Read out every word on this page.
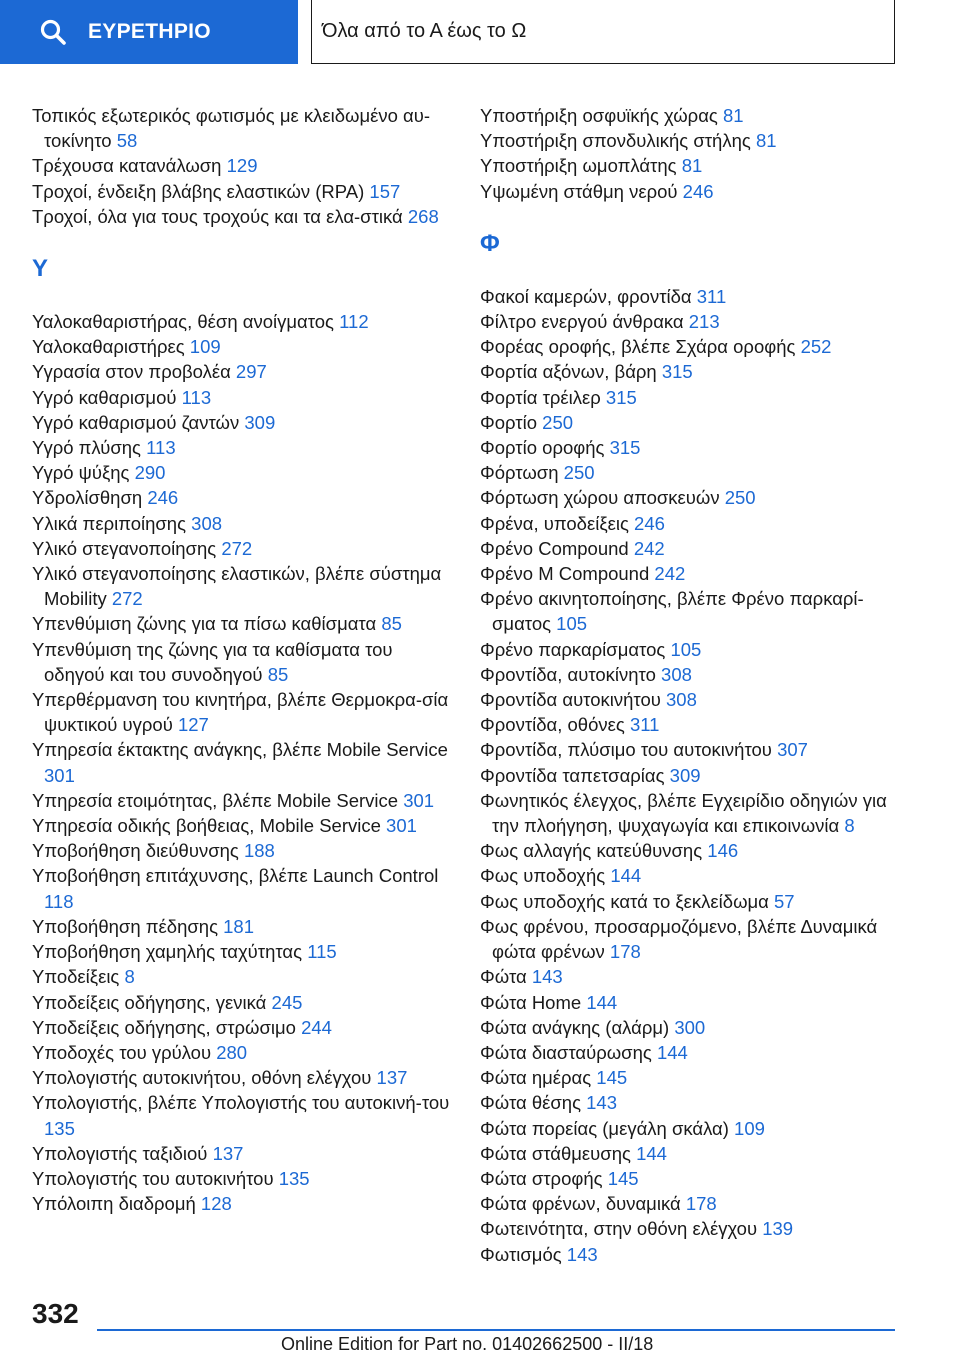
ΕΥΡΕΤΗΡΙΟ	Όλα από το Α έως το Ω
Τοπικός εξωτερικός φωτισμός με κλειδωμένο αυ‐τοκίνητο 58
Τρέχουσα κατανάλωση 129
Τροχοί, ένδειξη βλάβης ελαστικών (RPA) 157
Τροχοί, όλα για τους τροχούς και τα ελα‐στικά 268
Υ
Υαλοκαθαριστήρας, θέση ανοίγματος 112
Υαλοκαθαριστήρες 109
Υγρασία στον προβολέα 297
Υγρό καθαρισμού 113
Υγρό καθαρισμού ζαντών 309
Υγρό πλύσης 113
Υγρό ψύξης 290
Υδρολίσθηση 246
Υλικά περιποίησης 308
Υλικό στεγανοποίησης 272
Υλικό στεγανοποίησης ελαστικών, βλέπε σύστημα Mobility 272
Υπενθύμιση ζώνης για τα πίσω καθίσματα 85
Υπενθύμιση της ζώνης για τα καθίσματα του οδηγού και του συνοδηγού 85
Υπερθέρμανση του κινητήρα, βλέπε Θερμοκρα‐σία ψυκτικού υγρού 127
Υπηρεσία έκτακτης ανάγκης, βλέπε Mobile Service301
Υπηρεσία ετοιμότητας, βλέπε Mobile Service 301
Υπηρεσία οδικής βοήθειας, Mobile Service 301
Υποβοήθηση διεύθυνσης 188
Υποβοήθηση επιτάχυνσης, βλέπε Launch Control118
Υποβοήθηση πέδησης 181
Υποβοήθηση χαμηλής ταχύτητας 115
Υποδείξεις 8
Υποδείξεις οδήγησης, γενικά 245
Υποδείξεις οδήγησης, στρώσιμο 244
Υποδοχές του γρύλου 280
Υπολογιστής αυτοκινήτου, οθόνη ελέγχου 137
Υπολογιστής, βλέπε Υπολογιστής του αυτοκινή‐του135
Υπολογιστής ταξιδιού 137
Υπολογιστής του αυτοκινήτου 135
Υπόλοιπη διαδρομή 128
Υποστήριξη οσφυϊκής χώρας 81
Υποστήριξη σπονδυλικής στήλης 81
Υποστήριξη ωμοπλάτης 81
Υψωμένη στάθμη νερού 246
Φ
Φακοί καμερών, φροντίδα 311
Φίλτρο ενεργού άνθρακα 213
Φορέας οροφής, βλέπε Σχάρα οροφής 252
Φορτία αξόνων, βάρη 315
Φορτία τρέιλερ 315
Φορτίο 250
Φορτίο οροφής 315
Φόρτωση 250
Φόρτωση χώρου αποσκευών 250
Φρένα, υποδείξεις 246
Φρένο Compound 242
Φρένο M Compound 242
Φρένο ακινητοποίησης, βλέπε Φρένο παρκαρί‐σματος 105
Φρένο παρκαρίσματος 105
Φροντίδα, αυτοκίνητο 308
Φροντίδα αυτοκινήτου 308
Φροντίδα, οθόνες 311
Φροντίδα, πλύσιμο του αυτοκινήτου 307
Φροντίδα ταπετσαρίας 309
Φωνητικός έλεγχος, βλέπε Εγχειρίδιο οδηγιών για την πλοήγηση, ψυχαγωγία και επικοινωνία 8
Φως αλλαγής κατεύθυνσης 146
Φως υποδοχής 144
Φως υποδοχής κατά το ξεκλείδωμα 57
Φως φρένου, προσαρμοζόμενο, βλέπε Δυναμικά φώτα φρένων 178
Φώτα 143
Φώτα Home 144
Φώτα ανάγκης (αλάρμ) 300
Φώτα διασταύρωσης 144
Φώτα ημέρας 145
Φώτα θέσης 143
Φώτα πορείας (μεγάλη σκάλα) 109
Φώτα στάθμευσης 144
Φώτα στροφής 145
Φώτα φρένων, δυναμικά 178
Φωτεινότητα, στην οθόνη ελέγχου 139
Φωτισμός 143
332
Online Edition for Part no. 01402662500 - II/18
